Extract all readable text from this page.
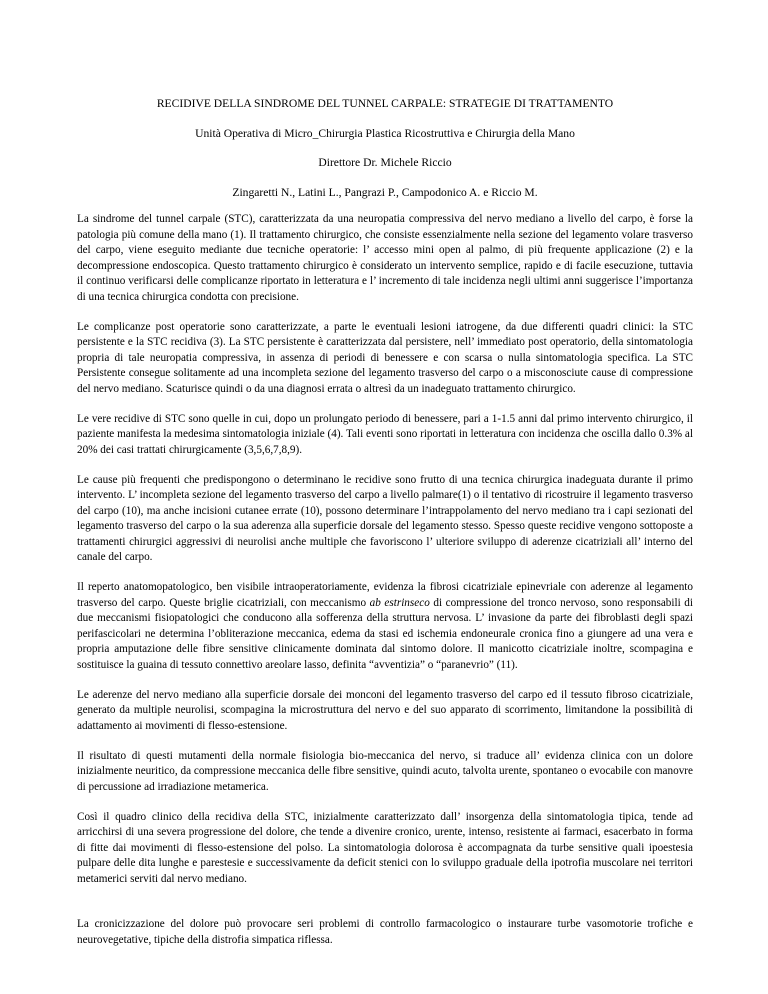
RECIDIVE DELLA SINDROME DEL TUNNEL CARPALE: STRATEGIE DI TRATTAMENTO

Unità Operativa di Micro_Chirurgia Plastica Ricostruttiva e Chirurgia della Mano

Direttore Dr. Michele Riccio

Zingaretti N., Latini L., Pangrazi P., Campodonico A. e Riccio M.

La sindrome del tunnel carpale (STC), caratterizzata da una neuropatia compressiva del nervo mediano a livello del carpo, è forse la patologia più comune della mano (1). Il trattamento chirurgico, che consiste essenzialmente nella sezione del legamento volare trasverso del carpo, viene eseguito mediante due tecniche operatorie: l’ accesso mini open al palmo, di più frequente applicazione (2) e la decompressione endoscopica. Questo trattamento chirurgico è considerato un intervento semplice, rapido e di facile esecuzione, tuttavia il continuo verificarsi delle complicanze riportato in letteratura e l’ incremento di tale incidenza negli ultimi anni suggerisce l’importanza di una tecnica chirurgica condotta con precisione.

Le complicanze post operatorie sono caratterizzate, a parte le eventuali lesioni iatrogene, da due differenti quadri clinici: la STC persistente e la STC recidiva (3). La STC persistente è caratterizzata dal persistere, nell’ immediato post operatorio, della sintomatologia propria di tale neuropatia compressiva, in assenza di periodi di benessere e con scarsa o nulla sintomatologia specifica. La STC Persistente consegue solitamente ad una incompleta sezione del legamento trasverso del carpo o a misconosciute cause di compressione del nervo mediano. Scaturisce quindi o da una diagnosi errata o altresì da un inadeguato trattamento chirurgico.

Le vere recidive di STC sono quelle in cui, dopo un prolungato periodo di benessere, pari a 1-1.5 anni dal primo intervento chirurgico, il paziente manifesta la medesima sintomatologia iniziale (4). Tali eventi sono riportati in letteratura con incidenza che oscilla dallo 0.3% al 20% dei casi trattati chirurgicamente (3,5,6,7,8,9).

Le cause più frequenti che predispongono o determinano le recidive sono frutto di una tecnica chirurgica inadeguata durante il primo intervento. L’ incompleta sezione del legamento trasverso del carpo a livello palmare(1) o il tentativo di ricostruire il legamento trasverso del carpo (10), ma anche incisioni cutanee errate (10), possono determinare l’intrappolamento del nervo mediano tra i capi sezionati del legamento trasverso del carpo o la sua aderenza alla superficie dorsale del legamento stesso. Spesso queste recidive vengono sottoposte a trattamenti chirurgici aggressivi di neurolisi anche multiple che favoriscono l’ ulteriore sviluppo di aderenze cicatriziali all’ interno del canale del carpo.

Il reperto anatomopatologico, ben visibile intraoperatoriamente, evidenza la fibrosi cicatriziale epinevriale con aderenze al legamento trasverso del carpo. Queste briglie cicatriziali, con meccanismo ab estrinseco di compressione del tronco nervoso, sono responsabili di due meccanismi fisiopatologici che conducono alla sofferenza della struttura nervosa. L’ invasione da parte dei fibroblasti degli spazi perifascicolari ne determina l’obliterazione meccanica, edema da stasi ed ischemia endoneurale cronica fino a giungere ad una vera e propria amputazione delle fibre sensitive clinicamente dominata dal sintomo dolore. Il manicotto cicatriziale inoltre, scompagina e sostituisce la guaina di tessuto connettivo areolare lasso, definita “avventizia” o “paranevrio” (11).

Le aderenze del nervo mediano alla superficie dorsale dei monconi del legamento trasverso del carpo ed il tessuto fibroso cicatriziale, generato da multiple neurolisi, scompagina la microstruttura del nervo e del suo apparato di scorrimento, limitandone la possibilità di adattamento ai movimenti di flesso-estensione.

Il risultato di questi mutamenti della normale fisiologia bio-meccanica del nervo, si traduce all’ evidenza clinica con un dolore inizialmente neuritico, da compressione meccanica delle fibre sensitive, quindi acuto, talvolta urente, spontaneo o evocabile con manovre di percussione ad irradiazione metamerica.

Così il quadro clinico della recidiva della STC, inizialmente caratterizzato dall’ insorgenza della sintomatologia tipica, tende ad arricchirsi di una severa progressione del dolore, che tende a divenire cronico, urente, intenso, resistente ai farmaci, esacerbato in forma di fitte dai movimenti di flesso-estensione del polso. La sintomatologia dolorosa è accompagnata da turbe sensitive quali ipoestesia pulpare delle dita lunghe e parestesie e successivamente da deficit stenici con lo sviluppo graduale della ipotrofia muscolare nei territori metamerici serviti dal nervo mediano.

La cronicizzazione del dolore può provocare seri problemi di controllo farmacologico o instaurare turbe vasomotorie trofiche e neurovegetative, tipiche della distrofia simpatica riflessa.
